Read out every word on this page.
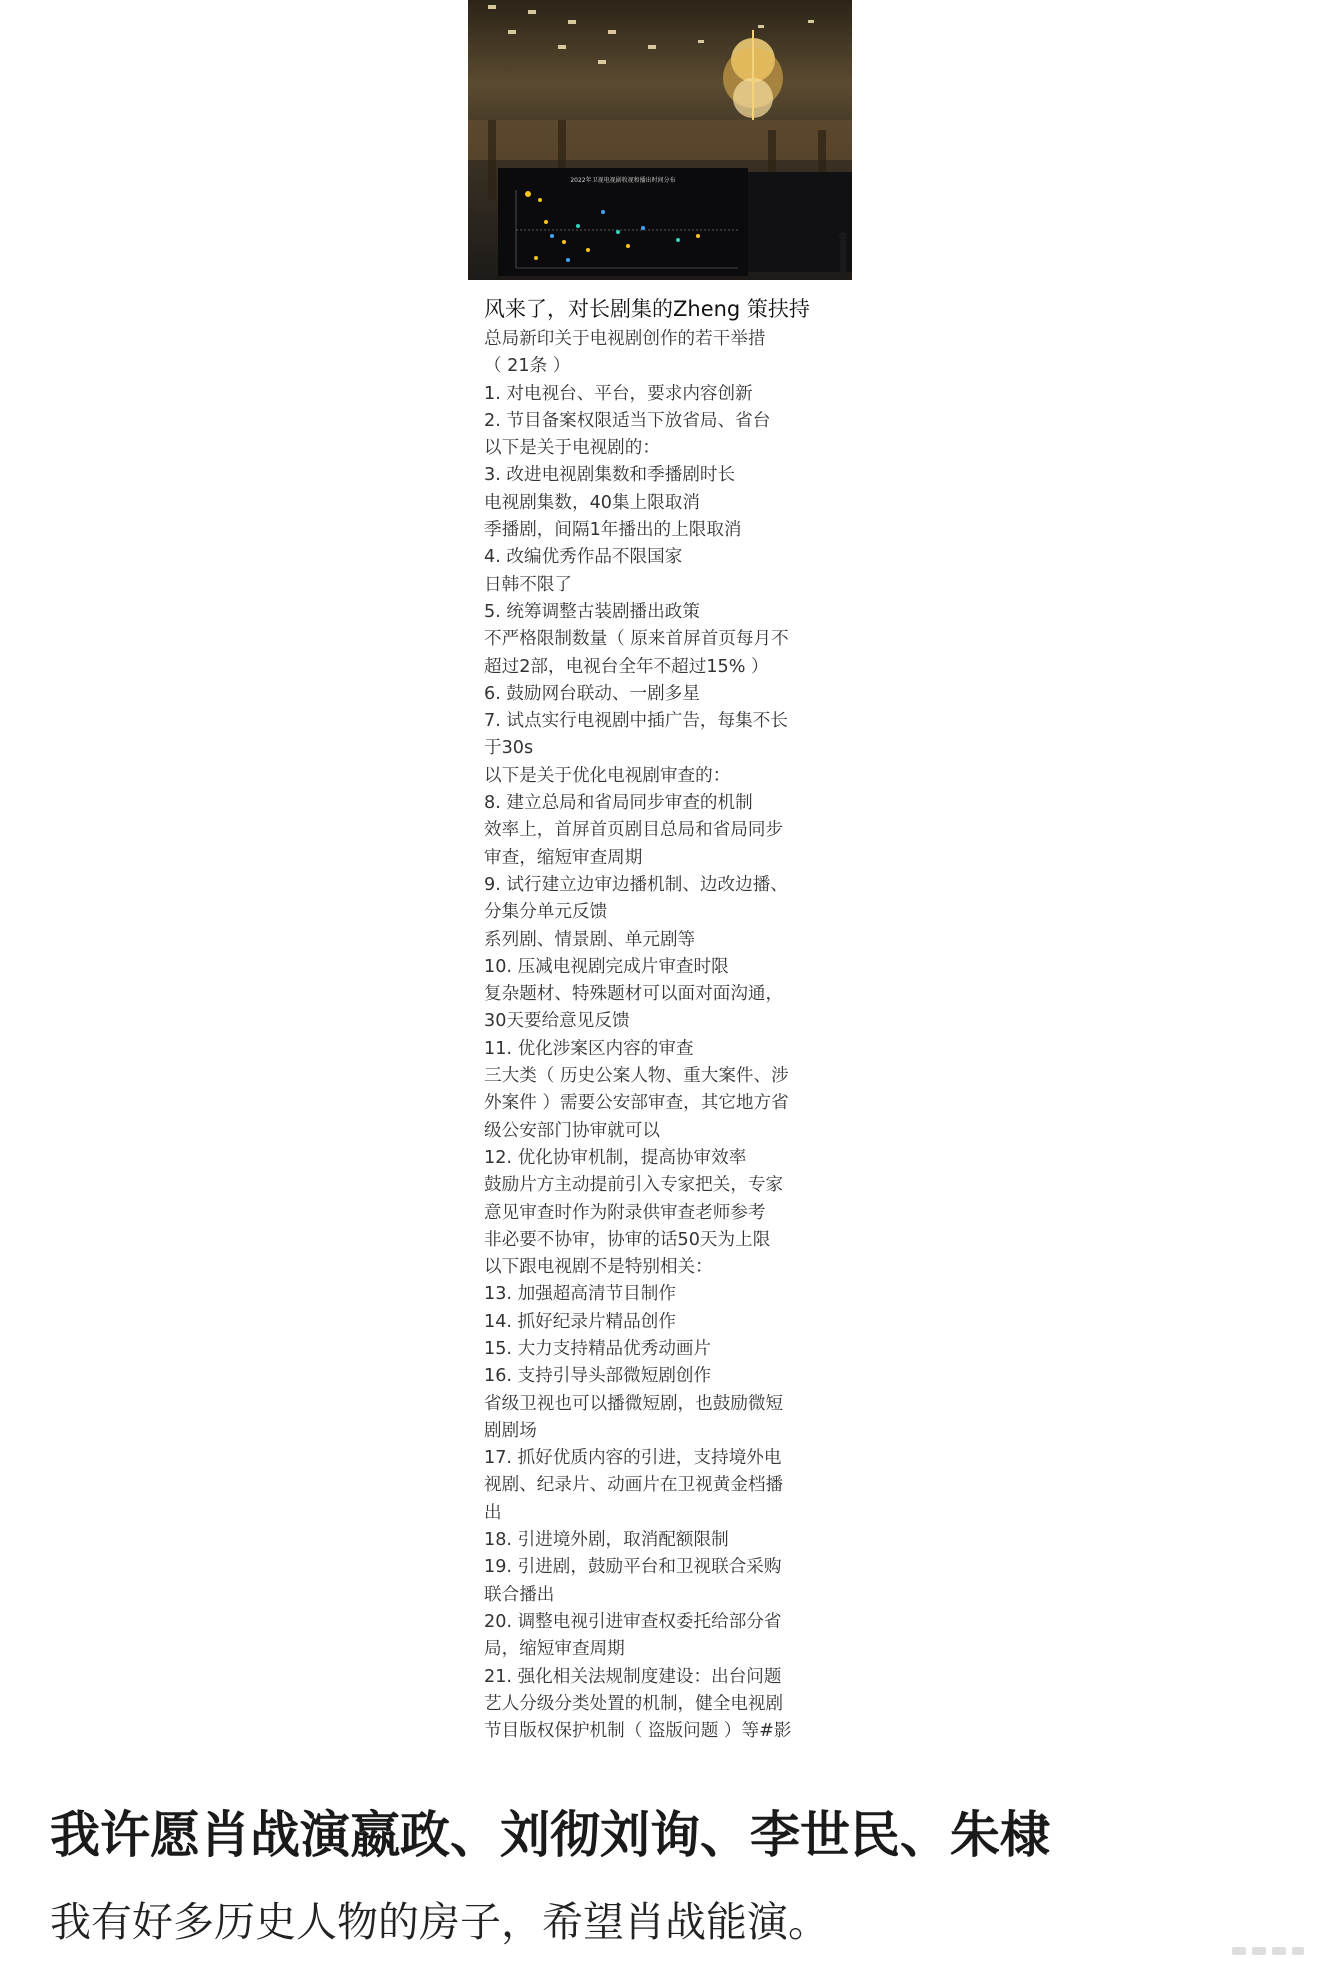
2022年卫视电视剧收视和播出时间分布
风来了，对长剧集的Zheng 策扶持
总局新印关于电视剧创作的若干举措
（ 21条 ）
1. 对电视台、平台，要求内容创新
2. 节目备案权限适当下放省局、省台
以下是关于电视剧的：
3. 改进电视剧集数和季播剧时长
电视剧集数，40集上限取消
季播剧，间隔1年播出的上限取消
4. 改编优秀作品不限国家
日韩不限了
5. 统筹调整古装剧播出政策
不严格限制数量（ 原来首屏首页每月不
超过2部，电视台全年不超过15% ）
6. 鼓励网台联动、一剧多星
7. 试点实行电视剧中插广告，每集不长
于30s
以下是关于优化电视剧审查的：
8. 建立总局和省局同步审查的机制
效率上，首屏首页剧目总局和省局同步
审查，缩短审查周期
9. 试行建立边审边播机制、边改边播、
分集分单元反馈
系列剧、情景剧、单元剧等
10. 压减电视剧完成片审查时限
复杂题材、特殊题材可以面对面沟通，
30天要给意见反馈
11. 优化涉案区内容的审查
三大类（ 历史公案人物、重大案件、涉
外案件 ）需要公安部审查，其它地方省
级公安部门协审就可以
12. 优化协审机制，提高协审效率
鼓励片方主动提前引入专家把关，专家
意见审查时作为附录供审查老师参考
非必要不协审，协审的话50天为上限
以下跟电视剧不是特别相关：
13. 加强超高清节目制作
14. 抓好纪录片精品创作
15. 大力支持精品优秀动画片
16. 支持引导头部微短剧创作
省级卫视也可以播微短剧，也鼓励微短
剧剧场
17. 抓好优质内容的引进，支持境外电
视剧、纪录片、动画片在卫视黄金档播
出
18. 引进境外剧，取消配额限制
19. 引进剧，鼓励平台和卫视联合采购
联合播出
20. 调整电视引进审查权委托给部分省
局，缩短审查周期
21. 强化相关法规制度建设：出台问题
艺人分级分类处置的机制，健全电视剧
节目版权保护机制（ 盗版问题 ）等#影
我许愿肖战演嬴政、刘彻刘询、李世民、朱棣
我有好多历史人物的房子，希望肖战能演。
